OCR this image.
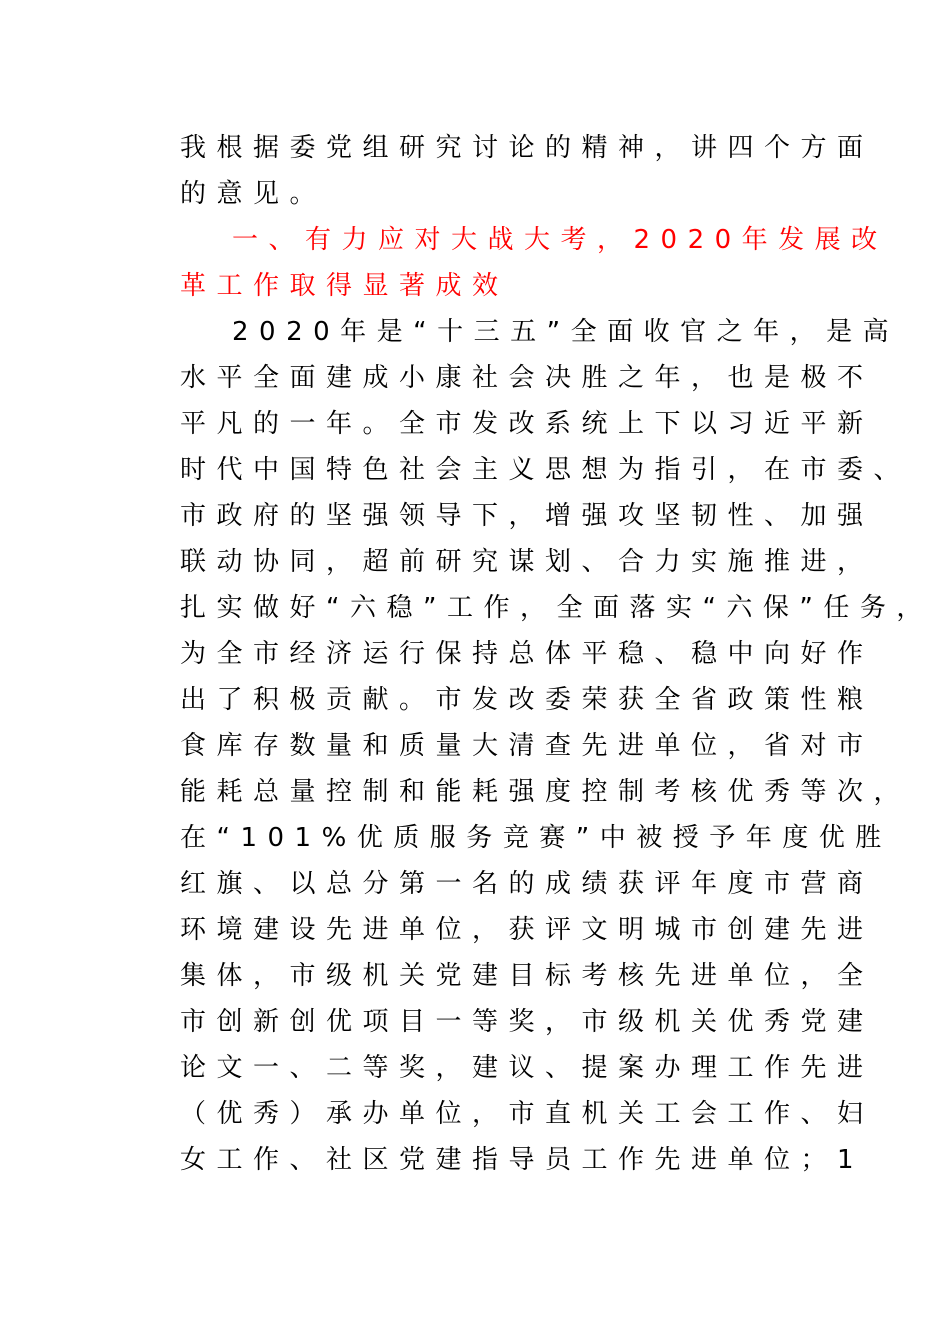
我根据委党组研究讨论的精神，讲四个方面
的意见。
一、有力应对大战大考，2020年发展改
革工作取得显著成效
2020年是“十三五”全面收官之年，是高
水平全面建成小康社会决胜之年，也是极不
平凡的一年。全市发改系统上下以习近平新
时代中国特色社会主义思想为指引，在市委、
市政府的坚强领导下，增强攻坚韧性、加强
联动协同，超前研究谋划、合力实施推进，
扎实做好“六稳”工作，全面落实“六保”任务，
为全市经济运行保持总体平稳、稳中向好作
出了积极贡献。市发改委荣获全省政策性粮
食库存数量和质量大清查先进单位，省对市
能耗总量控制和能耗强度控制考核优秀等次，
在“101%优质服务竞赛”中被授予年度优胜
红旗、以总分第一名的成绩获评年度市营商
环境建设先进单位，获评文明城市创建先进
集体，市级机关党建目标考核先进单位，全
市创新创优项目一等奖，市级机关优秀党建
论文一、二等奖，建议、提案办理工作先进
（优秀）承办单位，市直机关工会工作、妇
女工作、社区党建指导员工作先进单位；1
